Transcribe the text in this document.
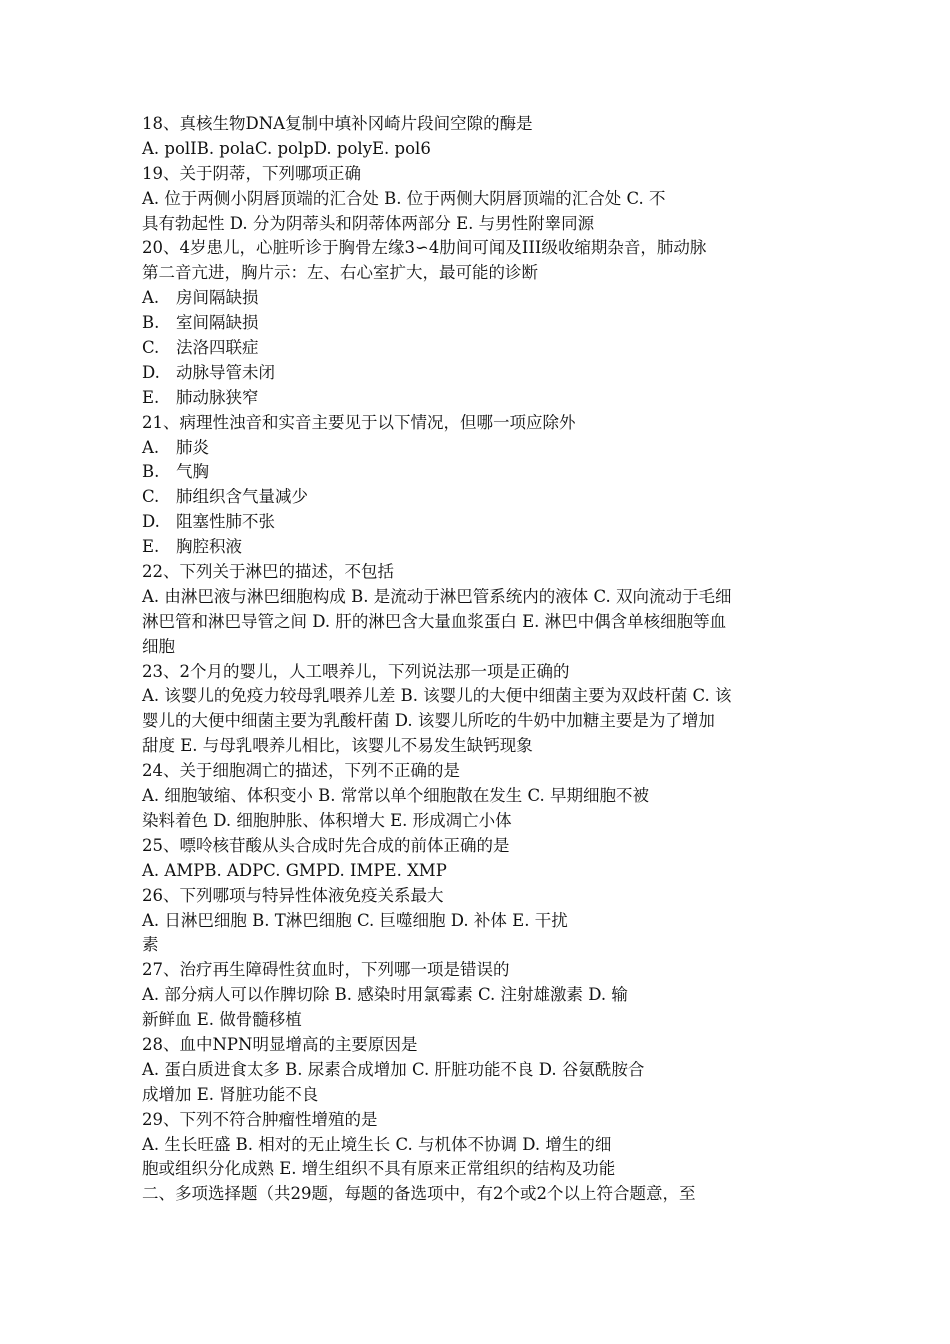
18、真核生物DNA复制中填补冈崎片段间空隙的酶是
A. polⅠB. polaC. polpD. polyE. pol6
19、关于阴蒂，下列哪项正确
A. 位于两侧小阴唇顶端的汇合处 B. 位于两侧大阴唇顶端的汇合处 C. 不
具有勃起性 D. 分为阴蒂头和阴蒂体两部分 E. 与男性附睾同源
20、4岁患儿，心脏听诊于胸骨左缘3∽4肋间可闻及III级收缩期杂音，肺动脉
第二音亢进，胸片示：左、右心室扩大，最可能的诊断
A. 房间隔缺损
B. 室间隔缺损
C. 法洛四联症
D. 动脉导管未闭
E. 肺动脉狭窄
21、病理性浊音和实音主要见于以下情况，但哪一项应除外
A. 肺炎
B. 气胸
C. 肺组织含气量减少
D. 阻塞性肺不张
E. 胸腔积液
22、下列关于淋巴的描述，不包括
A. 由淋巴液与淋巴细胞构成 B. 是流动于淋巴管系统内的液体 C. 双向流动于毛细
淋巴管和淋巴导管之间 D. 肝的淋巴含大量血浆蛋白 E. 淋巴中偶含单核细胞等血
细胞
23、2个月的婴儿，人工喂养儿，下列说法那一项是正确的
A. 该婴儿的免疫力较母乳喂养儿差 B. 该婴儿的大便中细菌主要为双歧杆菌 C. 该
婴儿的大便中细菌主要为乳酸杆菌 D. 该婴儿所吃的牛奶中加糖主要是为了增加
甜度 E. 与母乳喂养儿相比，该婴儿不易发生缺钙现象
24、关于细胞凋亡的描述，下列不正确的是
A. 细胞皱缩、体积变小 B. 常常以单个细胞散在发生 C. 早期细胞不被
染料着色 D. 细胞肿胀、体积增大 E. 形成凋亡小体
25、嘌呤核苷酸从头合成时先合成的前体正确的是
A. AMPB. ADPC. GMPD. IMPE. XMP
26、下列哪项与特异性体液免疫关系最大
A. 日淋巴细胞 B. T淋巴细胞 C. 巨噬细胞 D. 补体 E. 干扰
素
27、治疗再生障碍性贫血时，下列哪一项是错误的
A. 部分病人可以作脾切除 B. 感染时用氯霉素 C. 注射雄激素 D. 输
新鲜血 E. 做骨髓移植
28、血中NPN明显增高的主要原因是
A. 蛋白质进食太多 B. 尿素合成增加 C. 肝脏功能不良 D. 谷氨酰胺合
成增加 E. 肾脏功能不良
29、下列不符合肿瘤性增殖的是
A. 生长旺盛 B. 相对的无止境生长 C. 与机体不协调 D. 增生的细
胞或组织分化成熟 E. 增生组织不具有原来正常组织的结构及功能
二、多项选择题（共29题，每题的备选项中，有2个或2个以上符合题意，至
